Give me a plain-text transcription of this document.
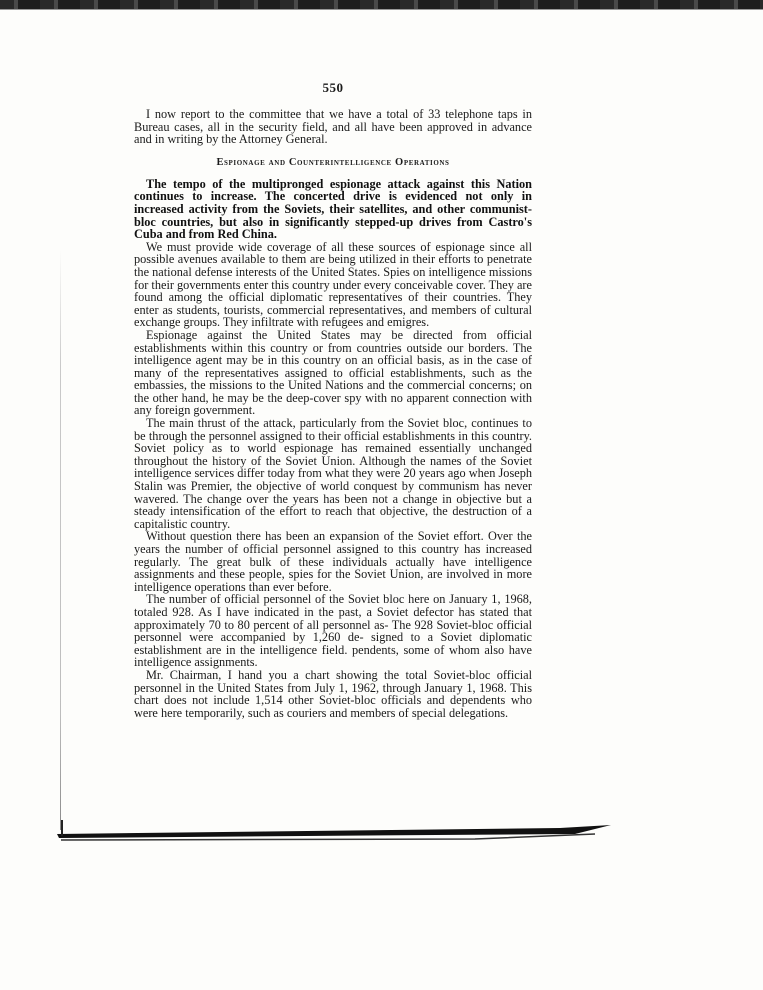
550

I now report to the committee that we have a total of 33 telephone taps in Bureau cases, all in the security field, and all have been approved in advance and in writing by the Attorney General.

Espionage and Counterintelligence Operations

The tempo of the multipronged espionage attack against this Nation continues to increase. The concerted drive is evidenced not only in increased activity from the Soviets, their satellites, and other communist-bloc countries, but also in significantly stepped-up drives from Castro's Cuba and from Red China.

We must provide wide coverage of all these sources of espionage since all possible avenues available to them are being utilized in their efforts to penetrate the national defense interests of the United States. Spies on intelligence missions for their governments enter this country under every conceivable cover. They are found among the official diplomatic representatives of their countries. They enter as students, tourists, commercial representatives, and members of cultural exchange groups. They infiltrate with refugees and emigres.

Espionage against the United States may be directed from official establishments within this country or from countries outside our borders. The intelligence agent may be in this country on an official basis, as in the case of many of the representatives assigned to official establishments, such as the embassies, the missions to the United Nations and the commercial concerns; on the other hand, he may be the deep-cover spy with no apparent connection with any foreign government.

The main thrust of the attack, particularly from the Soviet bloc, continues to be through the personnel assigned to their official establishments in this country. Soviet policy as to world espionage has remained essentially unchanged throughout the history of the Soviet Union. Although the names of the Soviet intelligence services differ today from what they were 20 years ago when Joseph Stalin was Premier, the objective of world conquest by communism has never wavered. The change over the years has been not a change in objective but a steady intensification of the effort to reach that objective, the destruction of a capitalistic country.

Without question there has been an expansion of the Soviet effort. Over the years the number of official personnel assigned to this country has increased regularly. The great bulk of these individuals actually have intelligence assignments and these people, spies for the Soviet Union, are involved in more intelligence operations than ever before.

The number of official personnel of the Soviet bloc here on January 1, 1968, totaled 928. As I have indicated in the past, a Soviet defector has stated that approximately 70 to 80 percent of all personnel as- The 928 Soviet-bloc official personnel were accompanied by 1,260 de- signed to a Soviet diplomatic establishment are in the intelligence field. pendents, some of whom also have intelligence assignments.

Mr. Chairman, I hand you a chart showing the total Soviet-bloc official personnel in the United States from July 1, 1962, through January 1, 1968. This chart does not include 1,514 other Soviet-bloc officials and dependents who were here temporarily, such as couriers and members of special delegations.
